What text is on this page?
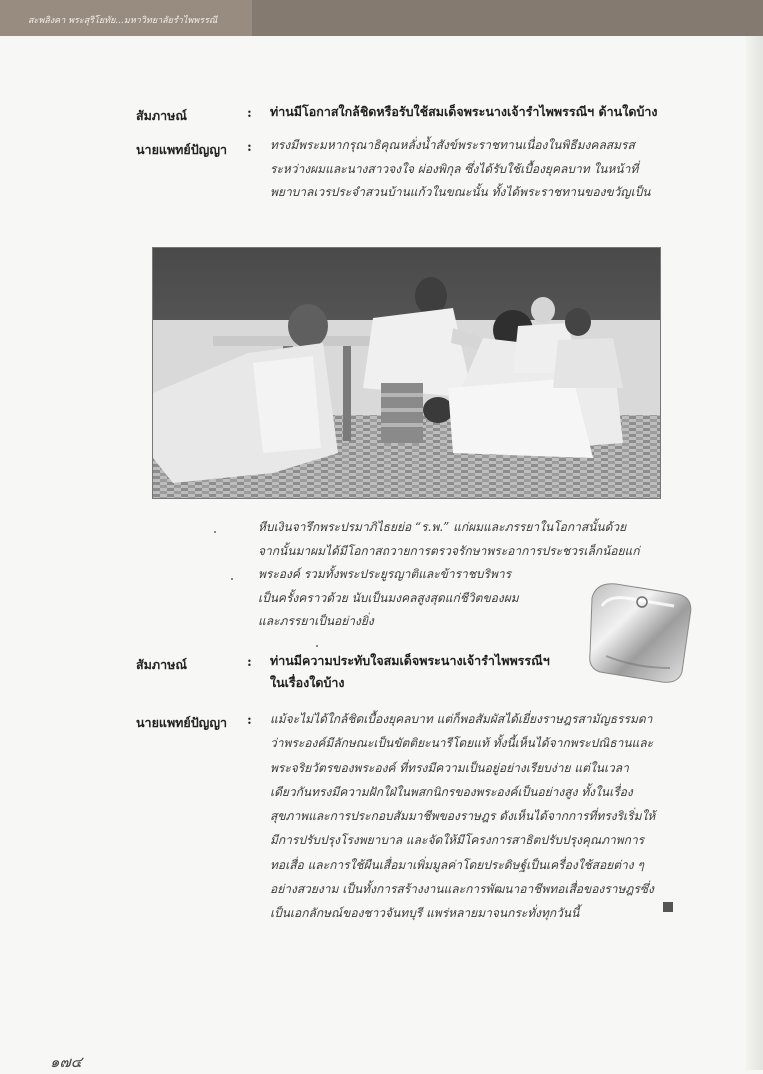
สะพลิงคา พระสุริโยทัย...มหาวิทยาลัยรำไพพรรณี
สัมภาษณ์	: ท่านมีโอกาสใกล้ชิดหรือรับใช้สมเด็จพระนางเจ้ารำไพพรรณีฯ ด้านใดบ้าง
นายแพทย์ปัญญา : ทรงมีพระมหากรุณาธิคุณหลั่งน้ำสังข์พระราชทานเนื่องในพิธีมงคลสมรส
ระหว่างผมและนางสาวจงใจ ผ่องพิกุล ซึ่งได้รับใช้เบื้องยุคลบาท ในหน้าที่
พยาบาลเวรประจำสวนบ้านแก้วในขณะนั้น ทั้งได้พระราชทานของขวัญเป็น
หีบเงินจารึกพระปรมาภิไธยย่อ “ร.พ.” แก่ผมและภรรยาในโอกาสนั้นด้วย
จากนั้นมาผมได้มีโอกาสถวายการตรวจรักษาพระอาการประชวรเล็กน้อยแก่
พระองค์ รวมทั้งพระประยูรญาติและข้าราชบริพาร
เป็นครั้งคราวด้วย นับเป็นมงคลสูงสุดแก่ชีวิตของผม
และภรรยาเป็นอย่างยิ่ง
สัมภาษณ์	: ท่านมีความประทับใจสมเด็จพระนางเจ้ารำไพพรรณีฯ
ในเรื่องใดบ้าง
นายแพทย์ปัญญา : แม้จะไม่ได้ใกล้ชิดเบื้องยุคลบาท แต่ก็พอสัมผัสได้เยี่ยงราษฎรสามัญธรรมดา
ว่าพระองค์มีลักษณะเป็นขัตติยะนารีโดยแท้ ทั้งนี้เห็นได้จากพระปณิธานและ
พระจริยวัตรของพระองค์ ที่ทรงมีความเป็นอยู่อย่างเรียบง่าย แต่ในเวลา
เดียวกันทรงมีความฝักใฝ่ในพสกนิกรของพระองค์เป็นอย่างสูง ทั้งในเรื่อง
สุขภาพและการประกอบสัมมาชีพของราษฎร ดังเห็นได้จากการที่ทรงริเริ่มให้
มีการปรับปรุงโรงพยาบาล และจัดให้มีโครงการสาธิตปรับปรุงคุณภาพการ
ทอเสื่อ และการใช้ผืนเสื่อมาเพิ่มมูลค่าโดยประดิษฐ์เป็นเครื่องใช้สอยต่าง ๆ
อย่างสวยงาม เป็นทั้งการสร้างงานและการพัฒนาอาชีพทอเสื่อของราษฎรซึ่ง
เป็นเอกลักษณ์ของชาวจันทบุรี แพร่หลายมาจนกระทั่งทุกวันนี้
๑๗๔
